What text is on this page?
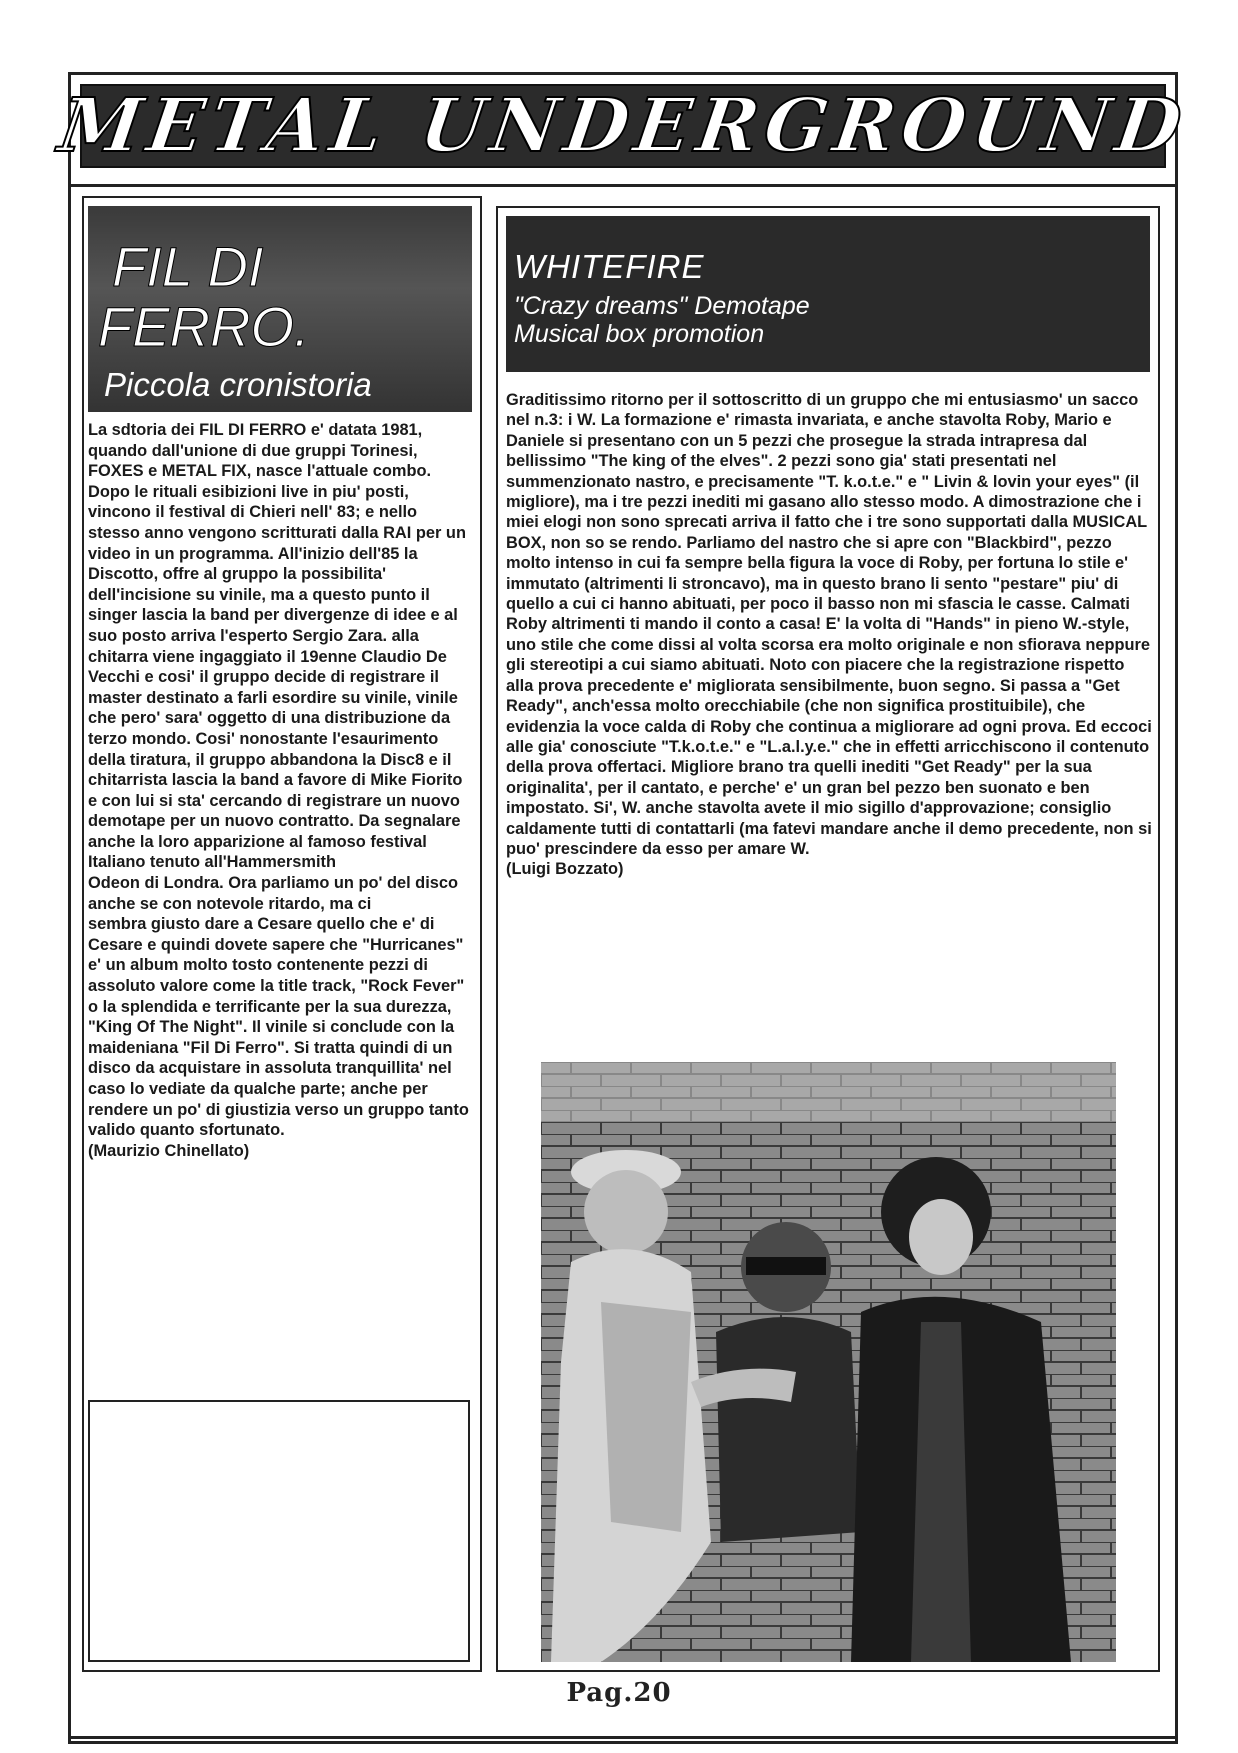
METAL UNDERGROUND
FIL DI
FERRO.
Piccola cronistoria

La sdtoria dei FIL DI FERRO e' datata 1981, quando dall'unione di due gruppi Torinesi, FOXES e METAL FIX, nasce l'attuale combo. Dopo le rituali esibizioni live in piu' posti, vincono il festival di Chieri nell' 83; e nello stesso anno vengono scritturati dalla RAI per un video in un programma. All'inizio dell'85 la Discotto, offre al gruppo la possibilita' dell'incisione su vinile, ma a questo punto il singer lascia la band per divergenze di idee e al suo posto arriva l'esperto Sergio Zara. alla chitarra viene ingaggiato il 19enne Claudio De Vecchi e cosi' il gruppo decide di registrare il master destinato a farli esordire su vinile, vinile che pero' sara' oggetto di una distribuzione da terzo mondo. Cosi' nonostante l'esaurimento della tiratura, il gruppo abbandona la Disc8 e il chitarrista lascia la band a favore di Mike Fiorito e con lui si sta' cercando di registrare un nuovo demotape per un nuovo contratto. Da segnalare anche la loro apparizione al famoso festival Italiano tenuto all'Hammersmith

Odeon di Londra. Ora parliamo un po' del disco anche se con notevole ritardo, ma ci

sembra giusto dare a Cesare quello che e' di Cesare e quindi dovete sapere che "Hurricanes" e' un album molto tosto contenente pezzi di assoluto valore come la title track, "Rock Fever" o la splendida e terrificante per la sua durezza, "King Of The Night". Il vinile si conclude con la maideniana "Fil Di Ferro". Si tratta quindi di un disco da acquistare in assoluta tranquillita' nel caso lo vediate da qualche parte; anche per rendere un po' di giustizia verso un gruppo tanto valido quanto sfortunato.

(Maurizio Chinellato)

WHITEFIRE
"Crazy dreams" Demotape
Musical box promotion

Graditissimo ritorno per il sottoscritto di un gruppo che mi entusiasmo' un sacco nel n.3: i W. La formazione e' rimasta invariata, e anche stavolta Roby, Mario e Daniele si presentano con un 5 pezzi che prosegue la strada intrapresa dal bellissimo "The king of the elves". 2 pezzi sono gia' stati presentati nel summenzionato nastro, e precisamente "T. k.o.t.e." e " Livin & lovin your eyes" (il migliore), ma i tre pezzi inediti mi gasano allo stesso modo. A dimostrazione che i miei elogi non sono sprecati arriva il fatto che i tre sono supportati dalla MUSICAL BOX, non so se rendo. Parliamo del nastro che si apre con "Blackbird", pezzo molto intenso in cui fa sempre bella figura la voce di Roby, per fortuna lo stile e' immutato (altrimenti li stroncavo), ma in questo brano li sento "pestare" piu' di quello a cui ci hanno abituati, per poco il basso non mi sfascia le casse. Calmati Roby altrimenti ti mando il conto a casa! E' la volta di "Hands" in pieno W.-style, uno stile che come dissi al volta scorsa era molto originale e non sfiorava neppure gli stereotipi a cui siamo abituati. Noto con piacere che la registrazione rispetto alla prova precedente e' migliorata sensibilmente, buon segno. Si passa a "Get Ready", anch'essa molto orecchiabile (che non significa prostituibile), che evidenzia la voce calda di Roby che continua a migliorare ad ogni prova. Ed eccoci alle gia' conosciute "T.k.o.t.e." e "L.a.l.y.e." che in effetti arricchiscono il contenuto della prova offertaci. Migliore brano tra quelli inediti "Get Ready" per la sua originalita', per il cantato, e perche' e' un gran bel pezzo ben suonato e ben impostato. Si', W. anche stavolta avete il mio sigillo d'approvazione; consiglio caldamente tutti di contattarli (ma fatevi mandare anche il demo precedente, non si puo' prescindere da esso per amare W.

(Luigi Bozzato)

Pag.20
